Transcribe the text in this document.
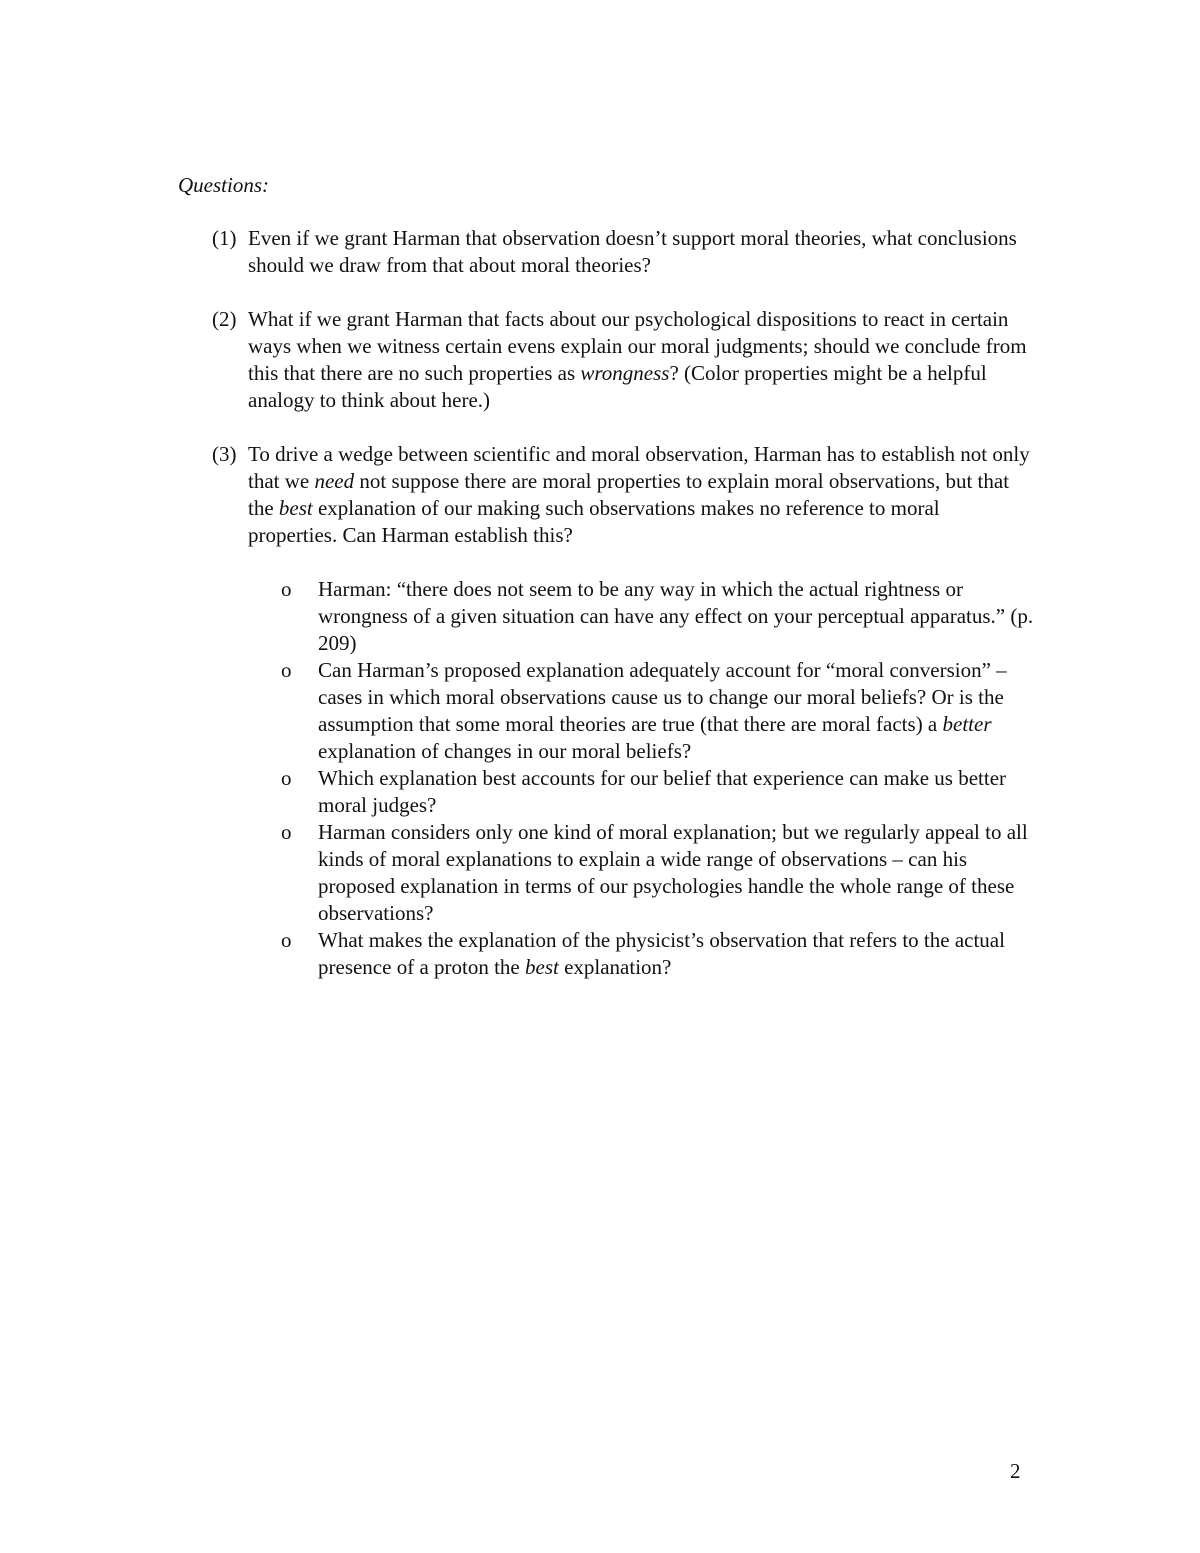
Questions:
(1) Even if we grant Harman that observation doesn’t support moral theories, what conclusions should we draw from that about moral theories?
(2) What if we grant Harman that facts about our psychological dispositions to react in certain ways when we witness certain evens explain our moral judgments; should we conclude from this that there are no such properties as wrongness? (Color properties might be a helpful analogy to think about here.)
(3) To drive a wedge between scientific and moral observation, Harman has to establish not only that we need not suppose there are moral properties to explain moral observations, but that the best explanation of our making such observations makes no reference to moral properties. Can Harman establish this?
o	Harman: “there does not seem to be any way in which the actual rightness or wrongness of a given situation can have any effect on your perceptual apparatus.” (p. 209)
o	Can Harman’s proposed explanation adequately account for “moral conversion” – cases in which moral observations cause us to change our moral beliefs? Or is the assumption that some moral theories are true (that there are moral facts) a better explanation of changes in our moral beliefs?
o	Which explanation best accounts for our belief that experience can make us better moral judges?
o	Harman considers only one kind of moral explanation; but we regularly appeal to all kinds of moral explanations to explain a wide range of observations – can his proposed explanation in terms of our psychologies handle the whole range of these observations?
o	What makes the explanation of the physicist’s observation that refers to the actual presence of a proton the best explanation?
2
